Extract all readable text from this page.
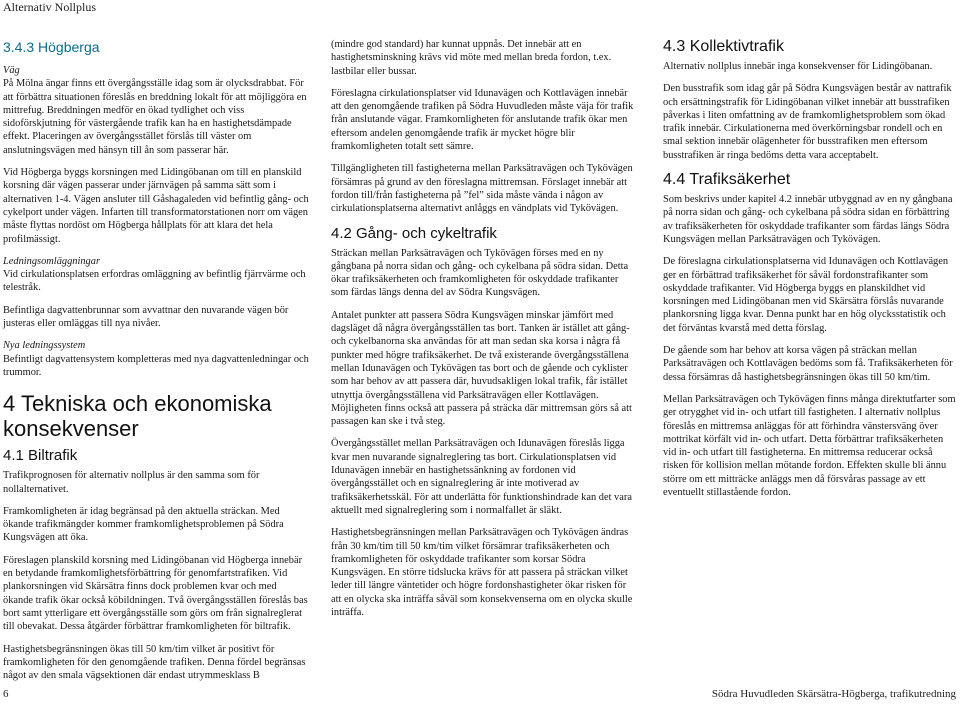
Alternativ Nollplus
3.4.3 Högberga

Väg
På Mölna ängar finns ett övergångsställe idag som är olycksdrabbat. För att förbättra situationen föreslås en breddning lokalt för att möjliggöra en mittrefug. Breddningen medför en ökad tydlighet och viss sidoförskjutning för västergående trafik kan ha en hastighetsdämpade effekt. Placeringen av övergångsstället förslås till väster om anslutningsvägen med hänsyn till ån som passerar här.

Vid Högberga byggs korsningen med Lidingöbanan om till en planskild korsning där vägen passerar under järnvägen på samma sätt som i alternativen 1-4. Vägen ansluter till Gåshagaleden vid befintlig gång- och cykelport under vägen. Infarten till transformatorstationen norr om vägen måste flyttas nordöst om Högberga hållplats för att klara det hela profilmässigt.

Ledningsomläggningar
Vid cirkulationsplatsen erfordras omläggning av befintlig fjärrvärme och telestråk.

Befintliga dagvattenbrunnar som avvattnar den nuvarande vägen bör justeras eller omläggas till nya nivåer.

Nya ledningssystem
Befintligt dagvattensystem kompletteras med nya dagvattenledningar och trummor.

4 Tekniska och ekonomiska konsekvenser
4.1 Biltrafik

Trafikprognosen för alternativ nollplus är den samma som för nollalternativet.

Framkomligheten är idag begränsad på den aktuella sträckan. Med ökande trafikmängder kommer framkomlighetsproblemen på Södra Kungsvägen att öka.

Föreslagen planskild korsning med Lidingöbanan vid Högberga innebär en betydande framkomlighetsförbättring för genomfartstrafiken. Vid plankorsningen vid Skärsätra finns dock problemen kvar och med ökande trafik ökar också köbildningen. Två övergångsställen föreslås bas bort samt ytterligare ett övergångsställe som görs om från signalreglerat till obevakat. Dessa åtgärder förbättrar framkomligheten för biltrafik.

Hastighetsbegränsningen ökas till 50 km/tim vilket är positivt för framkomligheten för den genomgående trafiken. Denna fördel begränsas något av den smala vägsektionen där endast utrymmesklass B

(mindre god standard) har kunnat uppnås. Det innebär att en hastighetsminskning krävs vid möte med mellan breda fordon, t.ex. lastbilar eller bussar.

Föreslagna cirkulationsplatser vid Idunavägen och Kottlavägen innebär att den genomgående trafiken på Södra Huvudleden måste väja för trafik från anslutande vägar. Framkomligheten för anslutande trafik ökar men eftersom andelen genomgående trafik är mycket högre blir framkomligheten totalt sett sämre.

Tillgängligheten till fastigheterna mellan Parksätravägen och Tykövägen försämras på grund av den föreslagna mittremsan. Förslaget innebär att fordon till/från fastigheterna på ”fel” sida måste vända i någon av cirkulationsplatserna alternativt anlåggs en vändplats vid Tykövägen.

4.2 Gång- och cykeltrafik

Sträckan mellan Parksätravägen och Tykövägen förses med en ny gångbana på norra sidan och gång- och cykelbana på södra sidan. Detta ökar trafiksäkerheten och framkomligheten för oskyddade trafikanter som färdas längs denna del av Södra Kungsvägen.

Antalet punkter att passera Södra Kungsvägen minskar jämfört med dagsläget då några övergångsställen tas bort. Tanken är istället att gång- och cykelbanorna ska användas för att man sedan ska korsa i några få punkter med högre trafiksäkerhet. De två existerande övergångsställena mellan Idunavägen och Tykövägen tas bort och de gående och cyklister som har behov av att passera där, huvudsakligen lokal trafik, får istället utnyttja övergångsställena vid Parksätravägen eller Kottlavägen. Möjligheten finns också att passera på sträcka där mittremsan görs så att passagen kan ske i två steg.

Övergångsstället mellan Parksätravägen och Idunavägen föreslås ligga kvar men nuvarande signalreglering tas bort. Cirkulationsplatsen vid Idunavägen innebär en hastighetssänkning av fordonen vid övergångsstället och en signalreglering är inte motiverad av trafiksäkerhetsskäl. För att underlätta för funktionshindrade kan det vara aktuellt med signalreglering som i normalfallet är släkt.

Hastighetsbegränsningen mellan Parksätravägen och Tykövägen ändras från 30 km/tim till 50 km/tim vilket försämrar trafiksäkerheten och framkomligheten för oskyddade trafikanter som korsar Södra Kungsvägen. En större tidslucka krävs för att passera på sträckan vilket leder till längre väntetider och högre fordonshastigheter ökar risken för att en olycka ska inträffa såväl som konsekvenserna om en olycka skulle inträffa.

4.3 Kollektivtrafik

Alternativ nollplus innebär inga konsekvenser för Lidingöbanan.

Den busstrafik som idag går på Södra Kungsvägen består av nattrafik och ersättningstrafik för Lidingöbanan vilket innebär att busstrafiken påverkas i liten omfattning av de framkomlighetsproblem som ökad trafik innebär. Cirkulationerna med överkörningsbar rondell och en smal sektion innebär olägenheter för busstrafiken men eftersom busstrafiken är ringa bedöms detta vara acceptabelt.

4.4 Trafiksäkerhet

Som beskrivs under kapitel 4.2 innebär utbyggnad av en ny gångbana på norra sidan och gång- och cykelbana på södra sidan en förbättring av trafiksäkerheten för oskyddade trafikanter som färdas längs Södra Kungsvägen mellan Parksätravägen och Tykövägen.

De föreslagna cirkulationsplatserna vid Idunavägen och Kottlavägen ger en förbättrad trafiksäkerhet för såväl fordonstrafikanter som oskyddade trafikanter. Vid Högberga byggs en planskildhet vid korsningen med Lidingöbanan men vid Skärsätra förslås nuvarande plankorsning ligga kvar. Denna punkt har en hög olycksstatistik och det förväntas kvarstå med detta förslag.

De gående som har behov att korsa vägen på sträckan mellan Parksätravägen och Kottlavägen bedöms som få. Trafiksäkerheten för dessa försämras då hastighetsbegränsningen ökas till 50 km/tim.

Mellan Parksätravägen och Tykövägen finns många direktutfarter som ger otrygghet vid in- och utfart till fastigheten. I alternativ nollplus föreslås en mittremsa anläggas för att förhindra vänstersväng över mottrikat körfält vid in- och utfart. Detta förbättrar trafiksäkerheten vid in- och utfart till fastigheterna. En mittremsa reducerar också risken för kollision mellan mötande fordon. Effekten skulle bli ännu större om ett mitträcke anläggs men då försvåras passage av ett eventuellt stillastående fordon.

6	Södra Huvudleden Skärsätra-Högberga, trafikutredning
